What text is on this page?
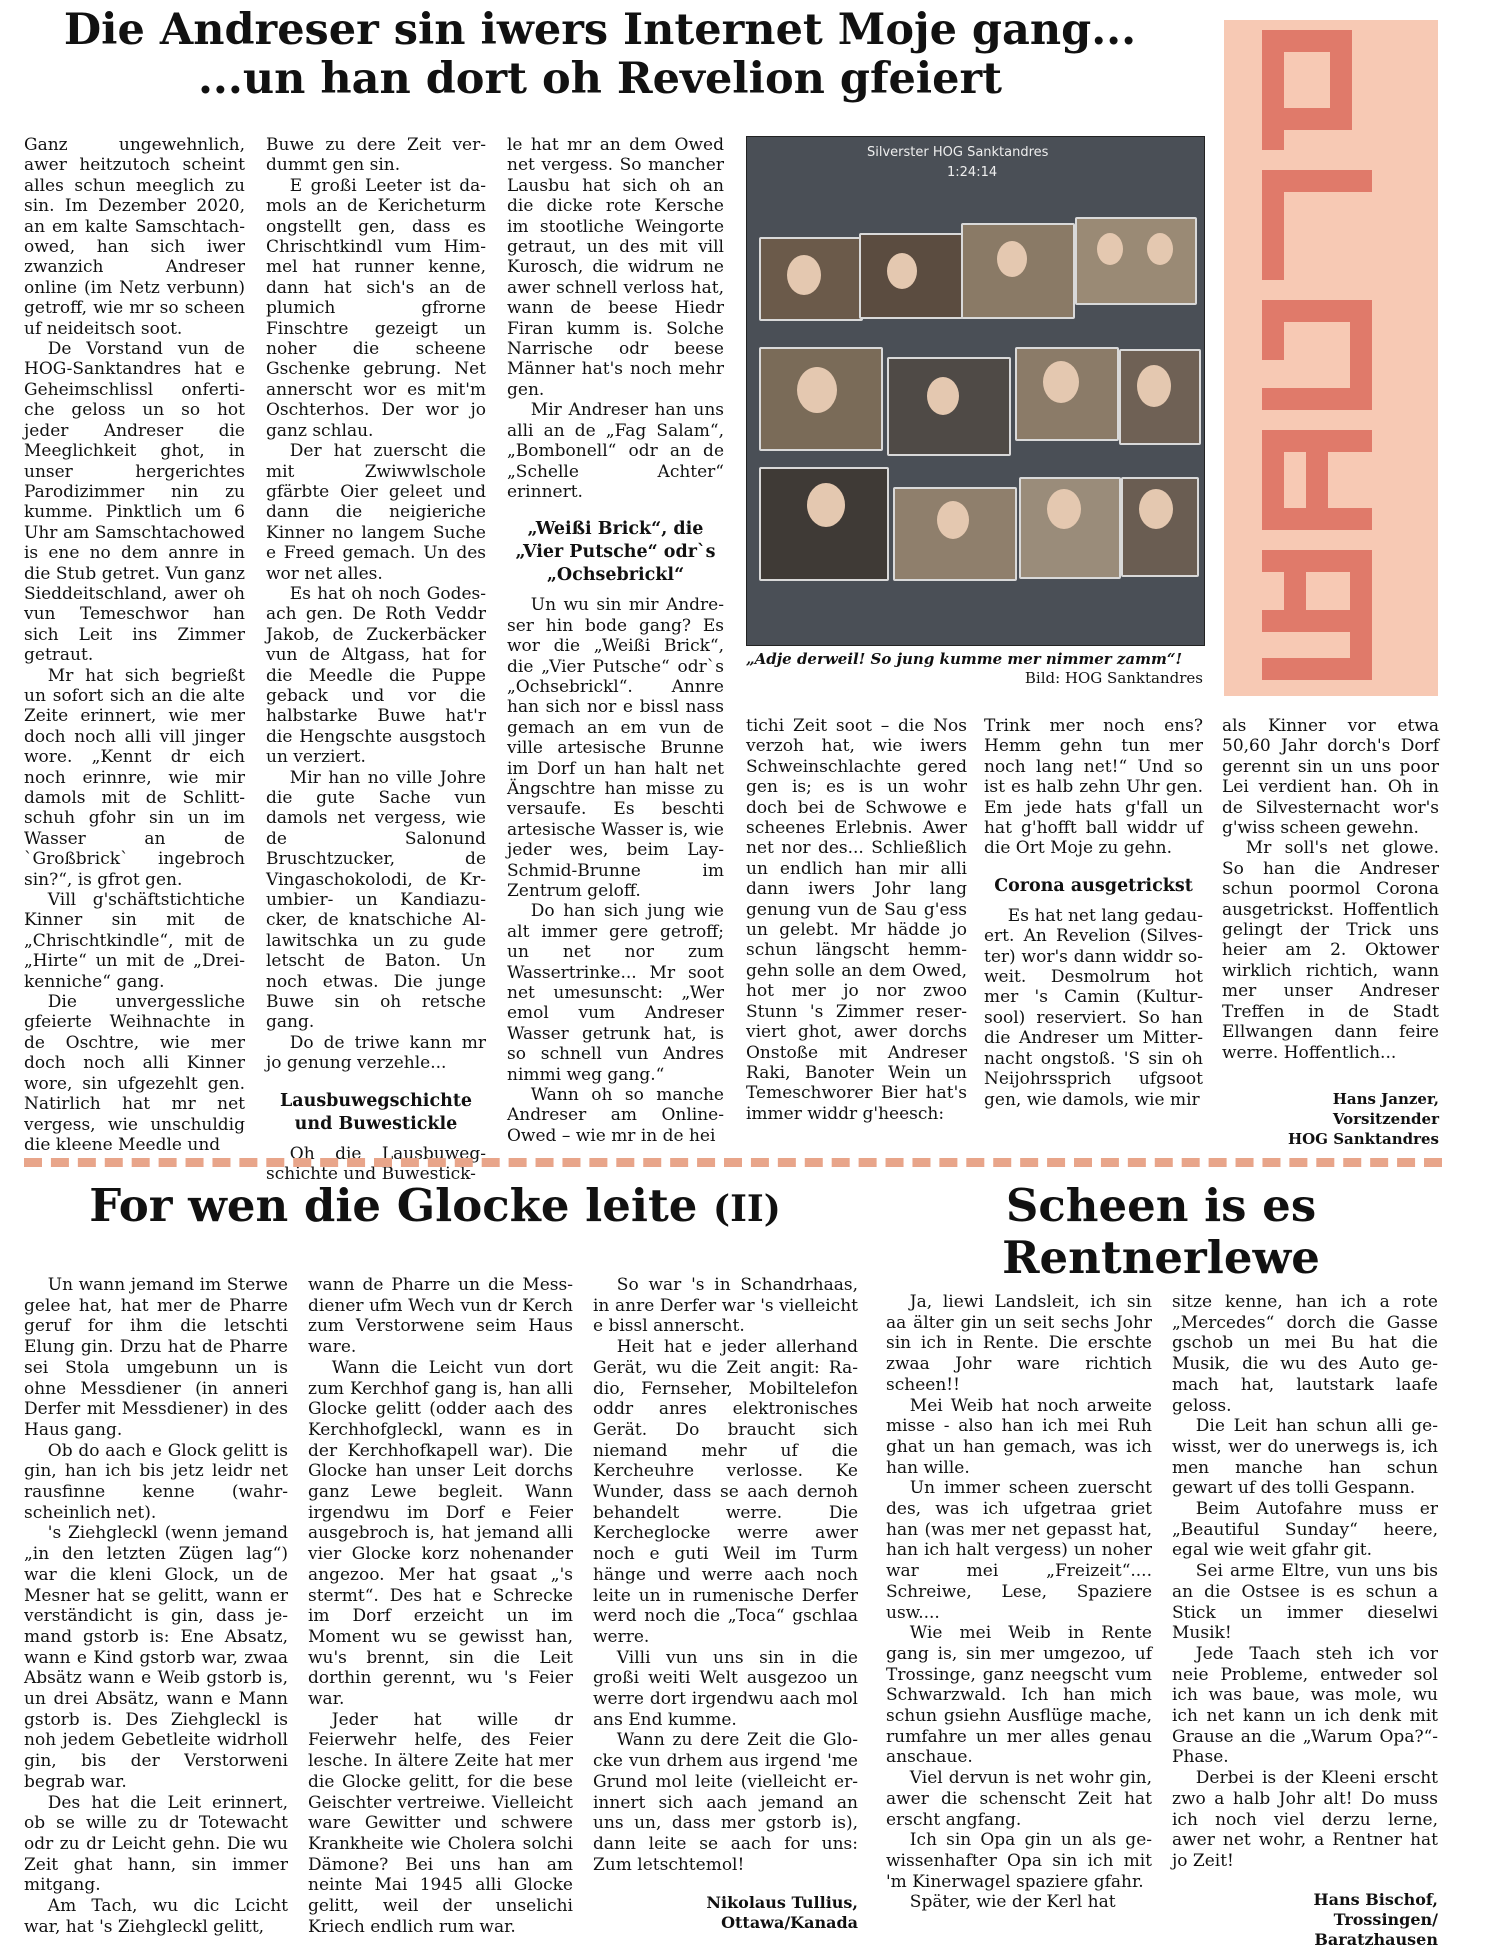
Die Andreser sin iwers Internet Moje gang...
...un han dort oh Revelion gfeiert

Ganz ungewehnlich, awer heitzutoch scheint alles schun meeglich zu sin. Im Dezember 2020, an em kalte Samschtachowed, han sich iwer zwanzich Andreser online (im Netz verbunn) getroff, wie mr so scheen uf neideitsch soot.

De Vorstand vun de HOG-Sanktandres hat e Geheimschlissl onfertiche geloss un so hot jeder Andreser die Meeglichkeit ghot, in unser hergerichtes Parodizimmer nin zu kumme. Pinktlich um 6 Uhr am Samschtachowed is ene no dem annre in die Stub getret. Vun ganz Sieddeitschland, awer oh vun Temeschwor han sich Leit ins Zimmer getraut.

Mr hat sich begrießt un sofort sich an die alte Zeite erinnert, wie mer doch noch alli vill jinger wore. „Kennt dr eich noch erinnre, wie mir damols mit de Schlittschuh gfohr sin un im Wasser an de `Großbrick` ingebroch sin?“, is gfrot gen.

Vill g'schäftstichtiche Kinner sin mit de „Chrischtkindle“, mit de „Hirte“ un mit de „Dreikenniche“ gang.

Die unvergessliche gfeierte Weihnachte in de Oschtre, wie mer doch noch alli Kinner wore, sin ufgezehlt gen. Natirlich hat mr net vergess, wie unschuldig die kleene Meedle und

Buwe zu dere Zeit verdummt gen sin.

E großi Leeter ist damols an de Kericheturm ongstellt gen, dass es Chrischtkindl vum Himmel hat runner kenne, dann hat sich's an de plumich gfrorne Finschtre gezeigt un noher die scheene Gschenke gebrung. Net annerscht wor es mit'm Oschterhos. Der wor jo ganz schlau.

Der hat zuerscht die mit Zwiwwlschole gfärbte Oier geleet und dann die neigieriche Kinner no langem Suche e Freed gemach. Un des wor net alles.

Es hat oh noch Godesach gen. De Roth Veddr Jakob, de Zuckerbäcker vun de Altgass, hat for die Meedle die Puppe geback und vor die halbstarke Buwe hat'r die Hengschte ausgstoch un verziert.

Mir han no ville Johre die gute Sache vun damols net vergess, wie de Salonund Bruschtzucker, de Vingaschokolodi, de Krumbier- un Kandiazucker, de knatschiche Allawitschka un zu gude letscht de Baton. Un noch etwas. Die junge Buwe sin oh retsche gang.

Do de triwe kann mr jo genung verzehle...

Lausbuwegschichte und Buwestickle

Oh die Lausbuwegschichte und Buwestick-

le hat mr an dem Owed net vergess. So mancher Lausbu hat sich oh an die dicke rote Kersche im stootliche Weingorte getraut, un des mit vill Kurosch, die widrum ne awer schnell verloss hat, wann de beese Hiedr Firan kumm is. Solche Narrische odr beese Männer hat's noch mehr gen.

Mir Andreser han uns alli an de „Fag Salam“, „Bombonell“ odr an de „Schelle Achter“ erinnert.

„Weißi Brick“, die „Vier Putsche“ odr`s „Ochsebrickl“

Un wu sin mir Andreser hin bode gang? Es wor die „Weißi Brick“, die „Vier Putsche“ odr`s „Ochsebrickl“. Annre han sich nor e bissl nass gemach an em vun de ville artesische Brunne im Dorf un han halt net Ängschtre han misse zu versaufe. Es beschti artesische Wasser is, wie jeder wes, beim Lay-Schmid-Brunne im Zentrum geloff.

Do han sich jung wie alt immer gere getroff; un net nor zum Wassertrinke... Mr soot net umesunscht: „Wer emol vum Andreser Wasser getrunk hat, is so schnell vun Andres nimmi weg gang.“

Wann oh so manche Andreser am Online-Owed – wie mr in de hei

Silverster HOG Sanktandres
1:24:14
„Adje derweil! So jung kumme mer nimmer zamm“!
Bild: HOG Sanktandres

tichi Zeit soot – die Nos verzoh hat, wie iwers Schweinschlachte gered gen is; es is un wohr doch bei de Schwowe e scheenes Erlebnis. Awer net nor des... Schließlich un endlich han mir alli dann iwers Johr lang genung vun de Sau g'ess un gelebt. Mr hädde jo schun längscht hemmgehn solle an dem Owed, hot mer jo nor zwoo Stunn 's Zimmer reserviert ghot, awer dorchs Onstoße mit Andreser Raki, Banoter Wein un Temeschworer Bier hat's immer widdr g'heesch:

Trink mer noch ens? Hemm gehn tun mer noch lang net!“ Und so ist es halb zehn Uhr gen. Em jede hats g'fall un hat g'hofft ball widdr uf die Ort Moje zu gehn.

Corona ausgetrickst

Es hat net lang gedauert. An Revelion (Silvester) wor's dann widdr soweit. Desmolrum hot mer 's Camin (Kultursool) reserviert. So han die Andreser um Mitternacht ongstoß. 'S sin oh Neijohrssprich ufgsoot gen, wie damols, wie mir

als Kinner vor etwa 50,60 Jahr dorch's Dorf gerennt sin un uns poor Lei verdient han. Oh in de Silvesternacht wor's g'wiss scheen gewehn.

Mr soll's net glowe. So han die Andreser schun poormol Corona ausgetrickst. Hoffentlich gelingt der Trick uns heier am 2. Oktower wirklich richtich, wann mer unser Andreser Treffen in de Stadt Ellwangen dann feire werre. Hoffentlich...

Hans Janzer,
Vorsitzender
HOG Sanktandres
For wen die Glocke leite (II)

Un wann jemand im Sterwe gelee hat, hat mer de Pharre geruf for ihm die letschti Elung gin. Drzu hat de Pharre sei Stola umgebunn un is ohne Messdiener (in anneri Derfer mit Messdiener) in des Haus gang.

Ob do aach e Glock gelitt is gin, han ich bis jetz leidr net rausfinne kenne (wahrscheinlich net).

's Ziehgleckl (wenn jemand „in den letzten Zügen lag“) war die kleni Glock, un de Mesner hat se gelitt, wann er verständicht is gin, dass jemand gstorb is: Ene Absatz, wann e Kind gstorb war, zwaa Absätz wann e Weib gstorb is, un drei Absätz, wann e Mann gstorb is. Des Ziehgleckl is noh jedem Gebetleite widrholl gin, bis der Verstorweni begrab war.

Des hat die Leit erinnert, ob se wille zu dr Totewacht odr zu dr Leicht gehn. Die wu Zeit ghat hann, sin immer mitgang.

Am Tach, wu dic Lcicht war, hat 's Ziehgleckl gelitt,

wann de Pharre un die Messdiener ufm Wech vun dr Kerch zum Verstorwene seim Haus ware.

Wann die Leicht vun dort zum Kerchhof gang is, han alli Glocke gelitt (odder aach des Kerchhofgleckl, wann es in der Kerchhofkapell war). Die Glocke han unser Leit dorchs ganz Lewe begleit. Wann irgendwu im Dorf e Feier ausgebroch is, hat jemand alli vier Glocke korz nohenander angezoo. Mer hat gsaat „'s stermt“. Des hat e Schrecke im Dorf erzeicht un im Moment wu se gewisst han, wu's brennt, sin die Leit dorthin gerennt, wu 's Feier war.

Jeder hat wille dr Feierwehr helfe, des Feier lesche. In ältere Zeite hat mer die Glocke gelitt, for die bese Geischter vertreiwe. Vielleicht ware Gewitter und schwere Krankheite wie Cholera solchi Dämone? Bei uns han am neinte Mai 1945 alli Glocke gelitt, weil der unselichi Kriech endlich rum war.

So war 's in Schandrhaas, in anre Derfer war 's vielleicht e bissl annerscht.

Heit hat e jeder allerhand Gerät, wu die Zeit angit: Radio, Fernseher, Mobiltelefon oddr anres elektronisches Gerät. Do braucht sich niemand mehr uf die Kercheuhre verlosse. Ke Wunder, dass se aach dernoh behandelt werre. Die Kercheglocke werre awer noch e guti Weil im Turm hänge und werre aach noch leite un in rumenische Derfer werd noch die „Toca“ gschlaa werre.

Villi vun uns sin in die großi weiti Welt ausgezoo un werre dort irgendwu aach mol ans End kumme.

Wann zu dere Zeit die Glocke vun drhem aus irgend 'me Grund mol leite (vielleicht erinnert sich aach jemand an uns un, dass mer gstorb is), dann leite se aach for uns: Zum letschtemol!

Nikolaus Tullius,
Ottawa/Kanada
Scheen is es
Rentnerlewe

Ja, liewi Landsleit, ich sin aa älter gin un seit sechs Johr sin ich in Rente. Die erschte zwaa Johr ware richtich scheen!!

Mei Weib hat noch arweite misse - also han ich mei Ruh ghat un han gemach, was ich han wille.

Un immer scheen zuerscht des, was ich ufgetraa griet han (was mer net gepasst hat, han ich halt vergess) un noher war mei „Freizeit“.... Schreiwe, Lese, Spaziere usw....

Wie mei Weib in Rente gang is, sin mer umgezoo, uf Trossinge, ganz neegscht vum Schwarzwald. Ich han mich schun gsiehn Ausflüge mache, rumfahre un mer alles genau anschaue.

Viel dervun is net wohr gin, awer die schenscht Zeit hat erscht angfang.

Ich sin Opa gin un als gewissenhafter Opa sin ich mit 'm Kinerwagel spaziere gfahr.

Später, wie der Kerl hat

sitze kenne, han ich a rote „Mercedes“ dorch die Gasse gschob un mei Bu hat die Musik, die wu des Auto gemach hat, lautstark laafe geloss.

Die Leit han schun alli gewisst, wer do unerwegs is, ich men manche han schun gewart uf des tolli Gespann.

Beim Autofahre muss er „Beautiful Sunday“ heere, egal wie weit gfahr git.

Sei arme Eltre, vun uns bis an die Ostsee is es schun a Stick un immer dieselwi Musik!

Jede Taach steh ich vor neie Probleme, entweder sol ich was baue, was mole, wu ich net kann un ich denk mit Grause an die „Warum Opa?“-Phase.

Derbei is der Kleeni erscht zwo a halb Johr alt! Do muss ich noch viel derzu lerne, awer net wohr, a Rentner hat jo Zeit!

Hans Bischof,
Trossingen/
Baratzhausen
